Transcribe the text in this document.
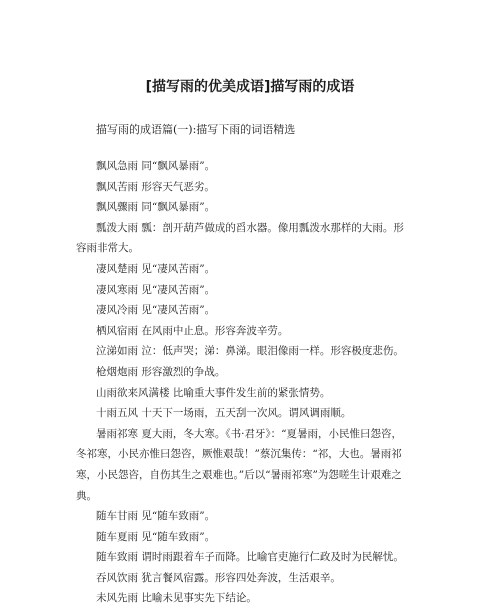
[描写雨的优美成语]描写雨的成语

描写雨的成语篇(一):描写下雨的词语精选

飘风急雨 同“飘风暴雨”。

飘风苦雨 形容天气恶劣。

飘风骤雨 同“飘风暴雨”。

瓢泼大雨 瓢：剖开葫芦做成的舀水器。像用瓢泼水那样的大雨。形容雨非常大。

凄风楚雨 见“凄风苦雨”。

凄风寒雨 见“凄风苦雨”。

凄风冷雨 见“凄风苦雨”。

栖风宿雨 在风雨中止息。形容奔波辛劳。

泣涕如雨 泣：低声哭；涕：鼻涕。眼泪像雨一样。形容极度悲伤。

枪烟炮雨 形容激烈的争战。

山雨欲来风满楼 比喻重大事件发生前的紧张情势。

十雨五风 十天下一场雨，五天刮一次风。谓风调雨顺。

暑雨祁寒 夏大雨，冬大寒。《书·君牙》：“夏暑雨，小民惟曰怨咨，冬祁寒，小民亦惟曰怨咨，厥惟艰哉！”蔡沉集传：“祁，大也。暑雨祁寒，小民怨咨，自伤其生之艰难也。”后以“暑雨祁寒”为怨嗟生计艰难之典。

随车甘雨 见“随车致雨”。

随车夏雨 见“随车致雨”。

随车致雨 谓时雨跟着车子而降。比喻官吏施行仁政及时为民解忧。

吞风饮雨 犹言餐风宿露。形容四处奔波，生活艰辛。

未风先雨 比喻未见事实先下结论。
